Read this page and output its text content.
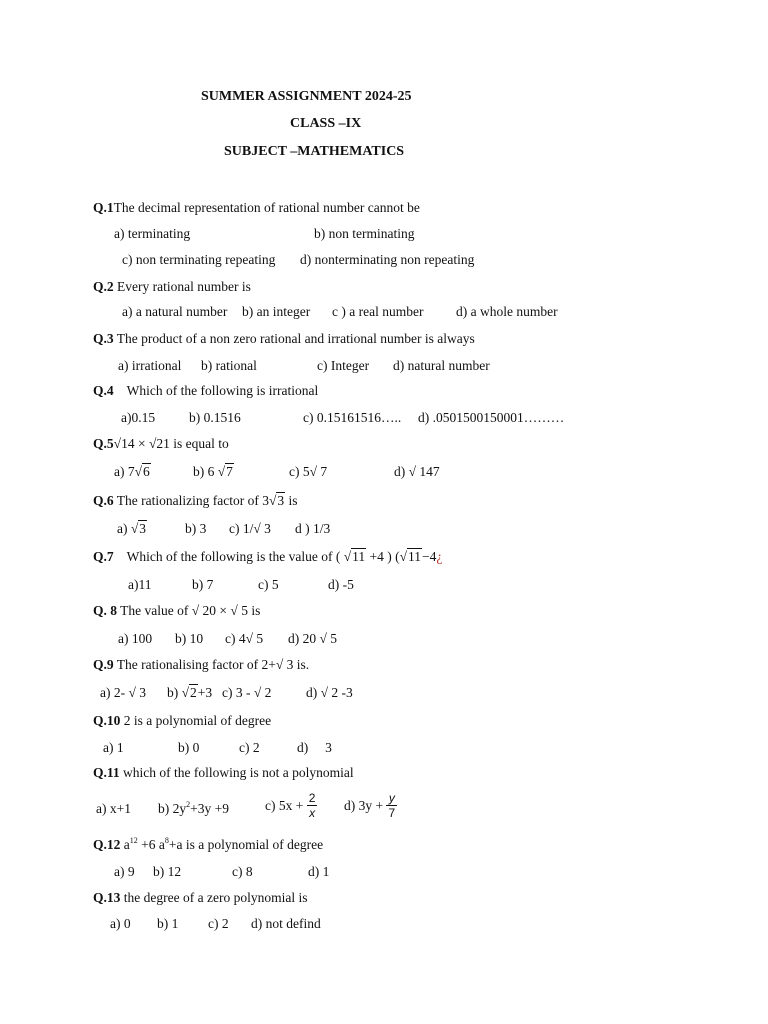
SUMMER ASSIGNMENT 2024-25
CLASS –IX
SUBJECT –MATHEMATICS
Q.1The decimal representation of rational number cannot be
a) terminating	b) non terminating
c) non terminating repeating d) nonterminating non repeating
Q.2 Every rational number is
a) a natural number b) an integer c ) a real number d) a whole number
Q.3 The product of a non zero rational and irrational number is always
a) irrational b) rational	c) Integer d) natural number
Q.4 Which of the following is irrational
a)0.15	b) 0.1516	c) 0.15161516….. d) .0501500150001………
Q.5√14 × √21 is equal to
a) 7√6	b) 6 √7	c) 5√ 7	d) √ 147
Q.6 The rationalizing factor of 3√3 is
a) √3	b) 3 c) 1/√ 3 d ) 1/3
Q.7 Which of the following is the value of ( √11 +4 ) (√11−4¿
a)11	b) 7	c) 5	d) -5
Q. 8 The value of √ 20 × √ 5 is
a) 100 b) 10 c) 4√ 5 d) 20 √ 5
Q.9 The rationalising factor of 2+√ 3 is.
a) 2- √ 3 b) √2+3 c) 3 - √ 2	d) √ 2 -3
Q.10 2 is a polynomial of degree
a) 1	b) 0	c) 2	d)     3
Q.11 which of the following is not a polynomial
a) x+1 b) $2y^2+3y +9$	c) $5x + \frac{2}{x} d$) $3y + \frac{y}{7}$
Q.12 $a^{12} +6$ $a^8+a$ is a polynomial of degree
a) 9 b) 12	c) 8	d) 1
Q.13 the degree of a zero polynomial is
a) 0 b) 1 c) 2 d) not defind
